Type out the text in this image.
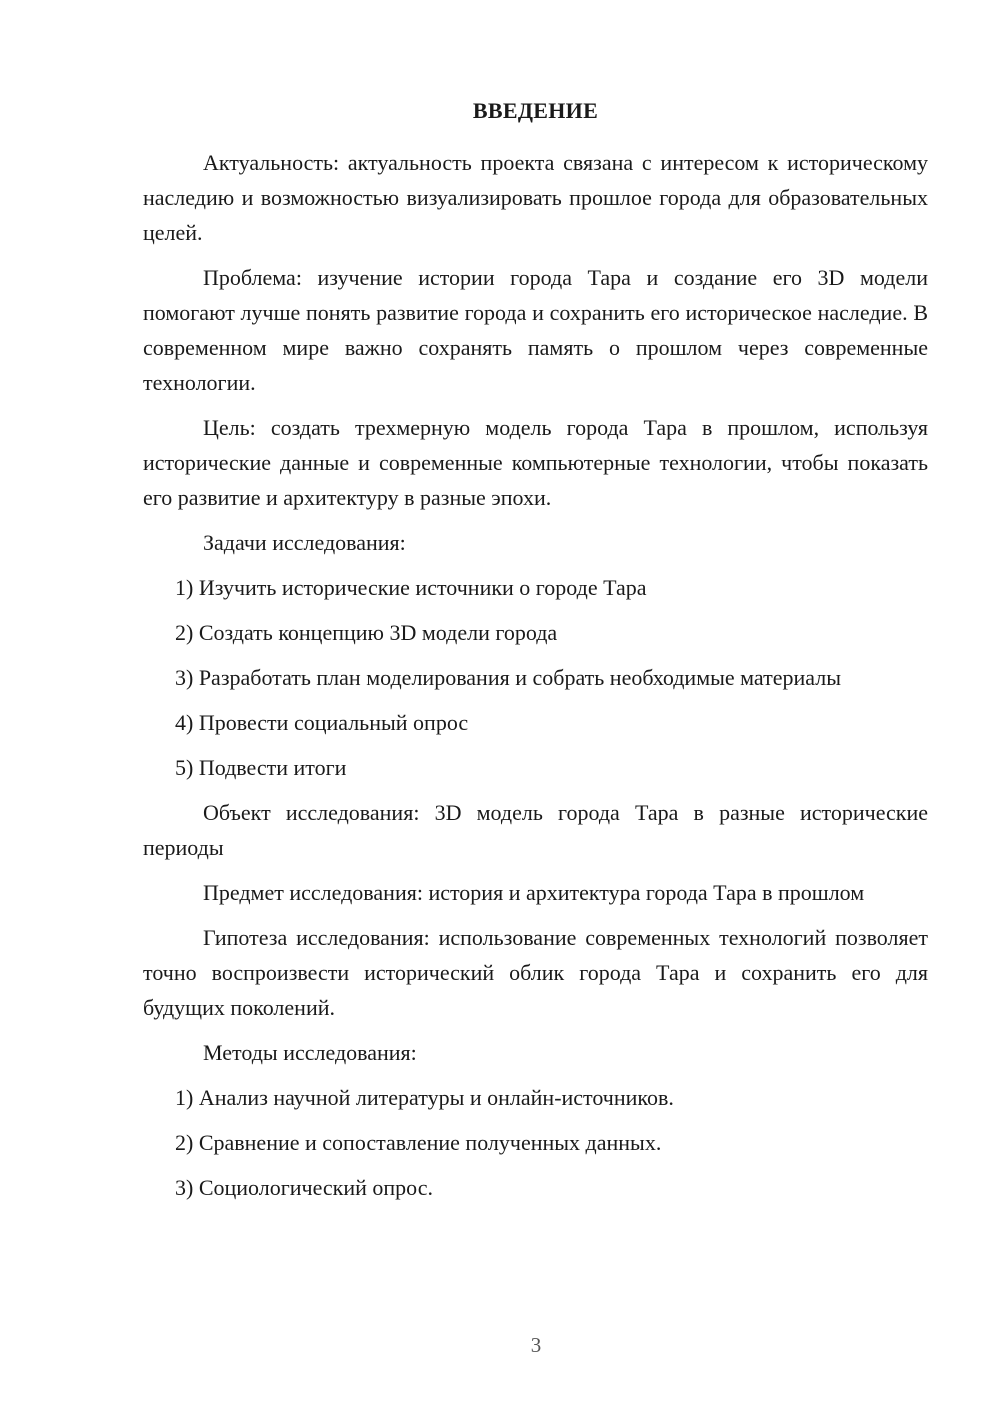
ВВЕДЕНИЕ
Актуальность: актуальность проекта связана с интересом к историческому наследию и возможностью визуализировать прошлое города для образовательных целей.
Проблема: изучение истории города Тара и создание его 3D модели помогают лучше понять развитие города и сохранить его историческое наследие. В современном мире важно сохранять память о прошлом через современные технологии.
Цель: создать трехмерную модель города Тара в прошлом, используя исторические данные и современные компьютерные технологии, чтобы показать его развитие и архитектуру в разные эпохи.
Задачи исследования:
1) Изучить исторические источники о городе Тара
2) Создать концепцию 3D модели города
3) Разработать план моделирования и собрать необходимые материалы
4) Провести социальный опрос
5) Подвести итоги
Объект исследования: 3D модель города Тара в разные исторические периоды
Предмет исследования: история и архитектура города Тара в прошлом
Гипотеза исследования: использование современных технологий позволяет точно воспроизвести исторический облик города Тара и сохранить его для будущих поколений.
Методы исследования:
1) Анализ научной литературы и онлайн-источников.
2) Сравнение и сопоставление полученных данных.
3) Социологический опрос.
3
